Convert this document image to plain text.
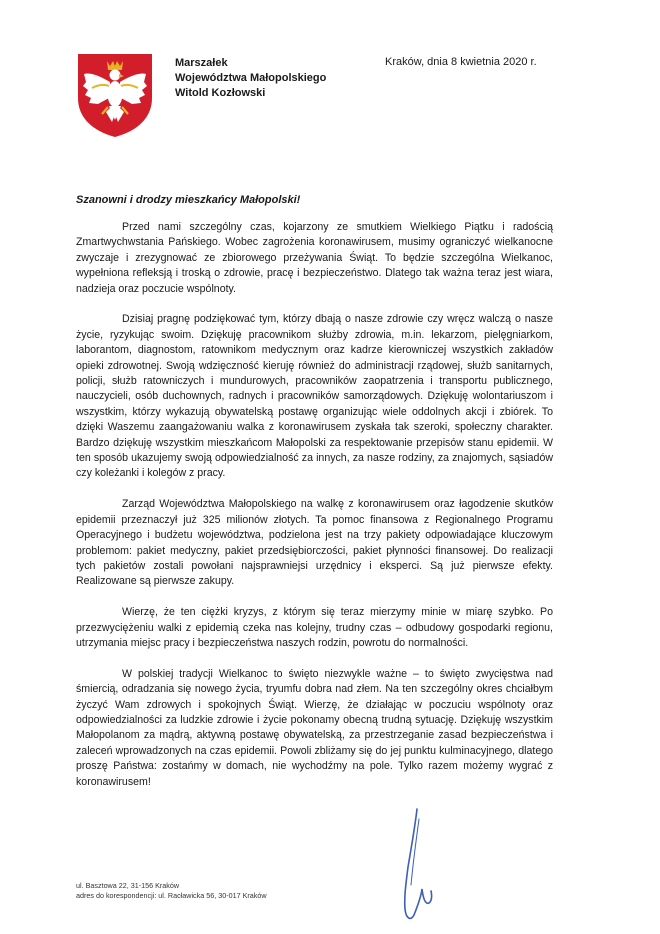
Marszałek
Województwa Małopolskiego
Witold Kozłowski
Kraków, dnia 8 kwietnia 2020 r.
Szanowni i drodzy mieszkańcy Małopolski!

Przed nami szczególny czas, kojarzony ze smutkiem Wielkiego Piątku i radością Zmartwychwstania Pańskiego. Wobec zagrożenia koronawirusem, musimy ograniczyć wielkanocne zwyczaje i zrezygnować ze zbiorowego przeżywania Świąt. To będzie szczególna Wielkanoc, wypełniona refleksją i troską o zdrowie, pracę i bezpieczeństwo. Dlatego tak ważna teraz jest wiara, nadzieja oraz poczucie wspólnoty.

Dzisiaj pragnę podziękować tym, którzy dbają o nasze zdrowie czy wręcz walczą o nasze życie, ryzykując swoim. Dziękuję pracownikom służby zdrowia, m.in. lekarzom, pielęgniarkom, laborantom, diagnostom, ratownikom medycznym oraz kadrze kierowniczej wszystkich zakładów opieki zdrowotnej. Swoją wdzięczność kieruję również do administracji rządowej, służb sanitarnych, policji, służb ratowniczych i mundurowych, pracowników zaopatrzenia i transportu publicznego, nauczycieli, osób duchownych, radnych i pracowników samorządowych. Dziękuję wolontariuszom i wszystkim, którzy wykazują obywatelską postawę organizując wiele oddolnych akcji i zbiórek. To dzięki Waszemu zaangażowaniu walka z koronawirusem zyskała tak szeroki, społeczny charakter. Bardzo dziękuję wszystkim mieszkańcom Małopolski za respektowanie przepisów stanu epidemii. W ten sposób ukazujemy swoją odpowiedzialność za innych, za nasze rodziny, za znajomych, sąsiadów czy koleżanki i kolegów z pracy.

Zarząd Województwa Małopolskiego na walkę z koronawirusem oraz łagodzenie skutków epidemii przeznaczył już 325 milionów złotych. Ta pomoc finansowa z Regionalnego Programu Operacyjnego i budżetu województwa, podzielona jest na trzy pakiety odpowiadające kluczowym problemom: pakiet medyczny, pakiet przedsiębiorczości, pakiet płynności finansowej. Do realizacji tych pakietów zostali powołani najsprawniejsi urzędnicy i eksperci. Są już pierwsze efekty. Realizowane są pierwsze zakupy.

Wierzę, że ten ciężki kryzys, z którym się teraz mierzymy minie w miarę szybko. Po przezwyciężeniu walki z epidemią czeka nas kolejny, trudny czas – odbudowy gospodarki regionu, utrzymania miejsc pracy i bezpieczeństwa naszych rodzin, powrotu do normalności.

W polskiej tradycji Wielkanoc to święto niezwykle ważne – to święto zwycięstwa nad śmiercią, odradzania się nowego życia, tryumfu dobra nad złem. Na ten szczególny okres chciałbym życzyć Wam zdrowych i spokojnych Świąt. Wierzę, że działając w poczuciu wspólnoty oraz odpowiedzialności za ludzkie zdrowie i życie pokonamy obecną trudną sytuację. Dziękuję wszystkim Małopolanom za mądrą, aktywną postawę obywatelską, za przestrzeganie zasad bezpieczeństwa i zaleceń wprowadzonych na czas epidemii. Powoli zbliżamy się do jej punktu kulminacyjnego, dlatego proszę Państwa: zostańmy w domach, nie wychodźmy na pole. Tylko razem możemy wygrać z koronawirusem!

ul. Basztowa 22, 31-156 Kraków
adres do korespondencji: ul. Racławicka 56, 30-017 Kraków
